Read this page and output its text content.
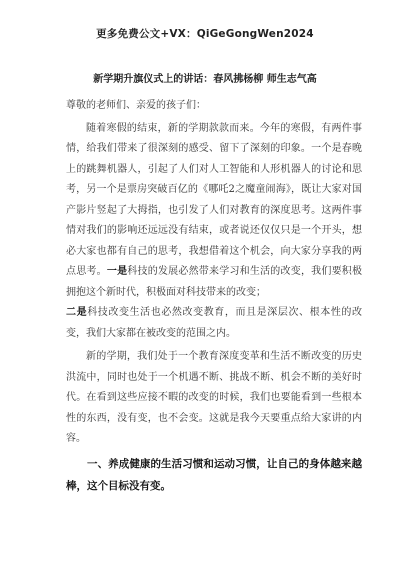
更多免费公文+VX：QiGeGongWen2024
新学期升旗仪式上的讲话：春风拂杨柳 师生志气高

尊敬的老师们、亲爱的孩子们：

随着寒假的结束，新的学期款款而来。今年的寒假，有两件事情，给我们带来了很深刻的感受、留下了深刻的印象。一个是春晚上的跳舞机器人，引起了人们对人工智能和人形机器人的讨论和思考，另一个是票房突破百亿的《哪吒2之魔童闹海》，既让大家对国产影片竖起了大拇指，也引发了人们对教育的深度思考。这两件事情对我们的影响还远远没有结束，或者说还仅仅只是一个开头，想必大家也都有自己的思考，我想借着这个机会，向大家分享我的两点思考。一是科技的发展必然带来学习和生活的改变，我们要积极拥抱这个新时代，积极面对科技带来的改变；
二是科技改变生活也必然改变教育，而且是深层次、根本性的改变，我们大家都在被改变的范围之内。

新的学期，我们处于一个教育深度变革和生活不断改变的历史洪流中，同时也处于一个机遇不断、挑战不断、机会不断的美好时代。在看到这些应接不暇的改变的时候，我们也要能看到一些根本性的东西，没有变，也不会变。这就是我今天要重点给大家讲的内容。

一、养成健康的生活习惯和运动习惯，让自己的身体越来越棒，这个目标没有变。
